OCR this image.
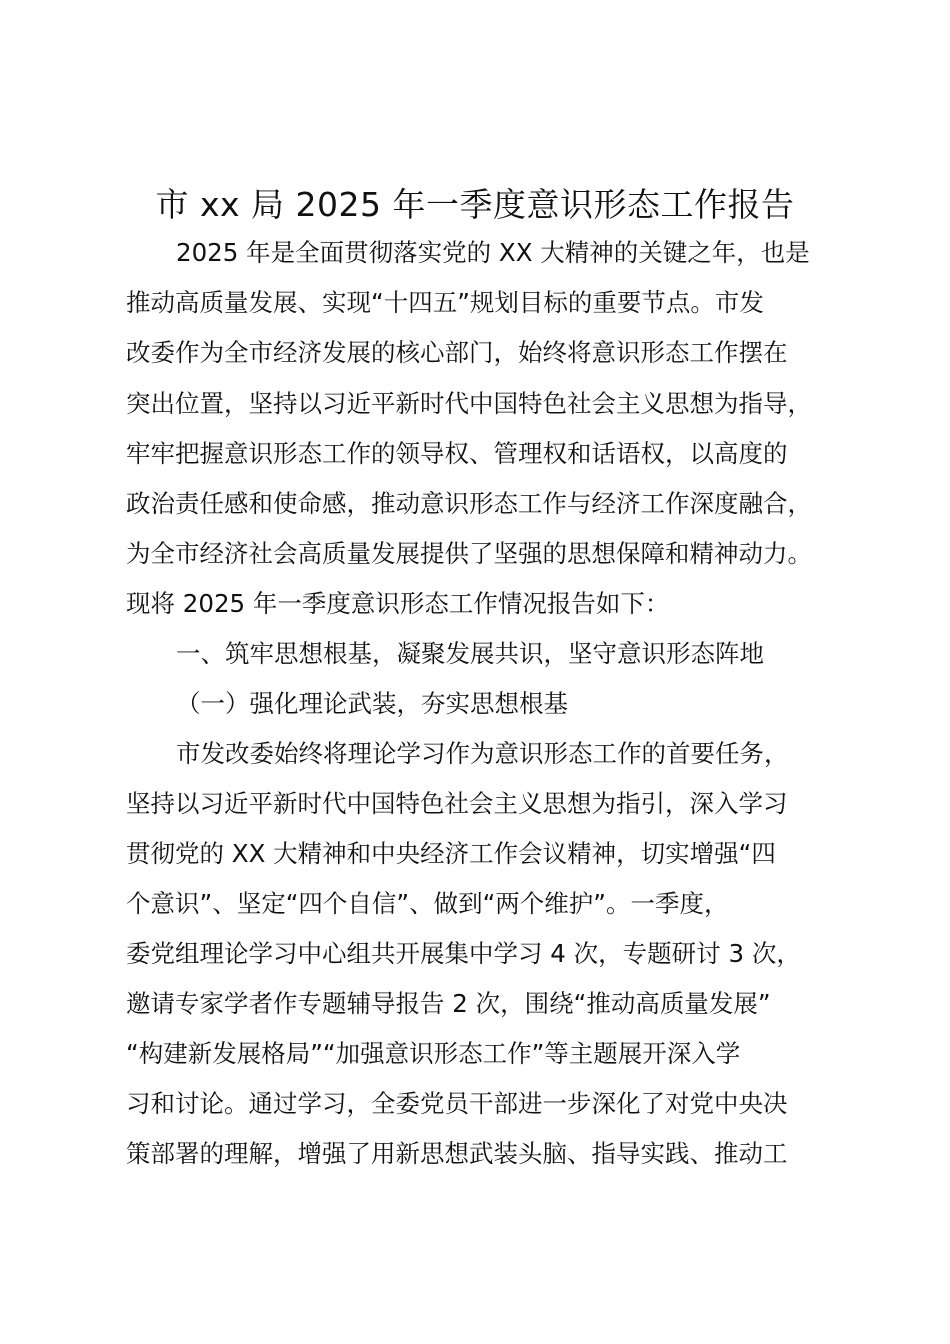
市 xx 局 2025 年一季度意识形态工作报告

2025 年是全面贯彻落实党的 XX 大精神的关键之年，也是

推动高质量发展、实现“十四五”规划目标的重要节点。市发

改委作为全市经济发展的核心部门，始终将意识形态工作摆在

突出位置，坚持以习近平新时代中国特色社会主义思想为指导，

牢牢把握意识形态工作的领导权、管理权和话语权，以高度的

政治责任感和使命感，推动意识形态工作与经济工作深度融合，

为全市经济社会高质量发展提供了坚强的思想保障和精神动力。

现将 2025 年一季度意识形态工作情况报告如下：

一、筑牢思想根基，凝聚发展共识，坚守意识形态阵地

（一）强化理论武装，夯实思想根基

市发改委始终将理论学习作为意识形态工作的首要任务，

坚持以习近平新时代中国特色社会主义思想为指引，深入学习

贯彻党的 XX 大精神和中央经济工作会议精神，切实增强“四

个意识”、坚定“四个自信”、做到“两个维护”。一季度，

委党组理论学习中心组共开展集中学习 4 次，专题研讨 3 次，

邀请专家学者作专题辅导报告 2 次，围绕“推动高质量发展”

“构建新发展格局”“加强意识形态工作”等主题展开深入学

习和讨论。通过学习，全委党员干部进一步深化了对党中央决

策部署的理解，增强了用新思想武装头脑、指导实践、推动工
